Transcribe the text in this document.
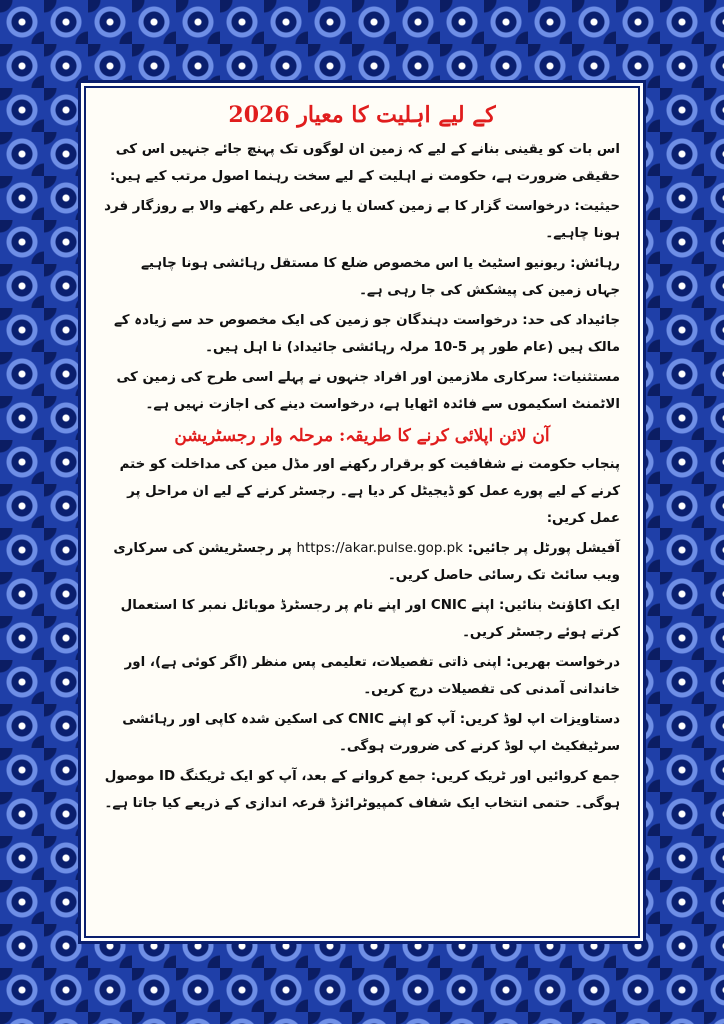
کے لیے اہلیت کا معیار 2026

اس بات کو یقینی بنانے کے لیے کہ زمین ان لوگوں تک پہنچ جائے جنہیں اس کی حقیقی ضرورت ہے، حکومت نے اہلیت کے لیے سخت رہنما اصول مرتب کیے ہیں:

حیثیت: درخواست گزار کا بے زمین کسان یا زرعی علم رکھنے والا بے روزگار فرد ہونا چاہیے۔

رہائش: ریونیو اسٹیٹ یا اس مخصوص ضلع کا مستقل رہائشی ہونا چاہیے جہاں زمین کی پیشکش کی جا رہی ہے۔

جائیداد کی حد: درخواست دہندگان جو زمین کی ایک مخصوص حد سے زیادہ کے مالک ہیں (عام طور پر 5-10 مرلہ رہائشی جائیداد) نا اہل ہیں۔

مستثنیات: سرکاری ملازمین اور افراد جنہوں نے پہلے اسی طرح کی زمین کی الاٹمنٹ اسکیموں سے فائدہ اٹھایا ہے، درخواست دینے کی اجازت نہیں ہے۔

آن لائن اپلائی کرنے کا طریقہ: مرحلہ وار رجسٹریشن

پنجاب حکومت نے شفافیت کو برقرار رکھنے اور مڈل مین کی مداخلت کو ختم کرنے کے لیے پورے عمل کو ڈیجیٹل کر دیا ہے۔ رجسٹر کرنے کے لیے ان مراحل پر عمل کریں:

آفیشل پورٹل پر جائیں: https://akar.pulse.gop.pk پر رجسٹریشن کی سرکاری ویب سائٹ تک رسائی حاصل کریں۔

ایک اکاؤنٹ بنائیں: اپنے CNIC اور اپنے نام پر رجسٹرڈ موبائل نمبر کا استعمال کرتے ہوئے رجسٹر کریں۔

درخواست بھریں: اپنی ذاتی تفصیلات، تعلیمی پس منظر (اگر کوئی ہے)، اور خاندانی آمدنی کی تفصیلات درج کریں۔

دستاویزات اپ لوڈ کریں: آپ کو اپنے CNIC کی اسکین شدہ کاپی اور رہائشی سرٹیفکیٹ اپ لوڈ کرنے کی ضرورت ہوگی۔

جمع کروائیں اور ٹریک کریں: جمع کروانے کے بعد، آپ کو ایک ٹریکنگ ID موصول ہوگی۔ حتمی انتخاب ایک شفاف کمپیوٹرائزڈ قرعہ اندازی کے ذریعے کیا جاتا ہے۔
